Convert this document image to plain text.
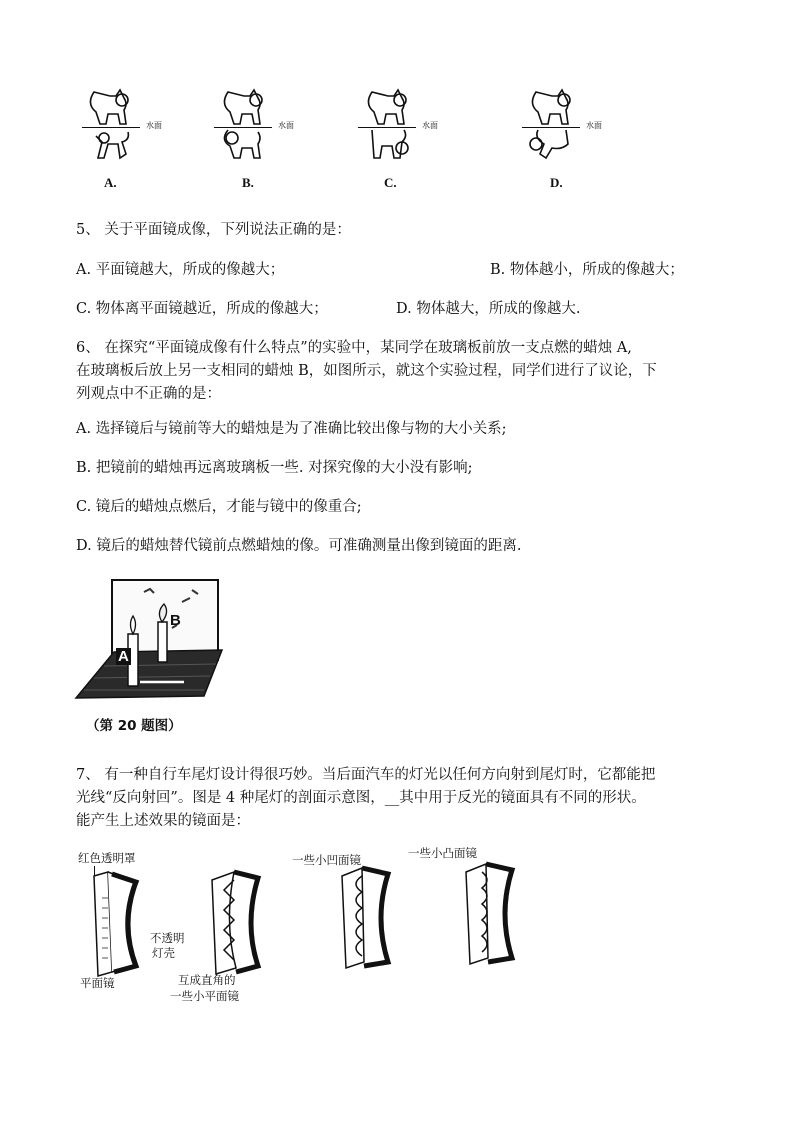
水面
A.
水面
B.
水面
C.
水面
D.
5、 关于平面镜成像，下列说法正确的是：
A. 平面镜越大，所成的像越大；	B. 物体越小，所成的像越大；
C. 物体离平面镜越近，所成的像越大；	D. 物体越大，所成的像越大.
6、 在探究“平面镜成像有什么特点”的实验中，某同学在玻璃板前放一支点燃的蜡烛 A,
在玻璃板后放上另一支相同的蜡烛 B，如图所示，就这个实验过程，同学们进行了议论，下
列观点中不正确的是：
A. 选择镜后与镜前等大的蜡烛是为了准确比较出像与物的大小关系;
B. 把镜前的蜡烛再远离玻璃板一些. 对探究像的大小没有影响;
C. 镜后的蜡烛点燃后，才能与镜中的像重合;
D. 镜后的蜡烛替代镜前点燃蜡烛的像。可准确测量出像到镜面的距离.
A
B
（第 20 题图）
7、 有一种自行车尾灯设计得很巧妙。当后面汽车的灯光以任何方向射到尾灯时，它都能把
光线“反向射回”。图是 4 种尾灯的剖面示意图，__其中用于反光的镜面具有不同的形状。
能产生上述效果的镜面是：
红色透明罩
不透明
灯壳
平面镜	互成直角的
一些小平面镜
一些小凹面镜	一些小凸面镜
